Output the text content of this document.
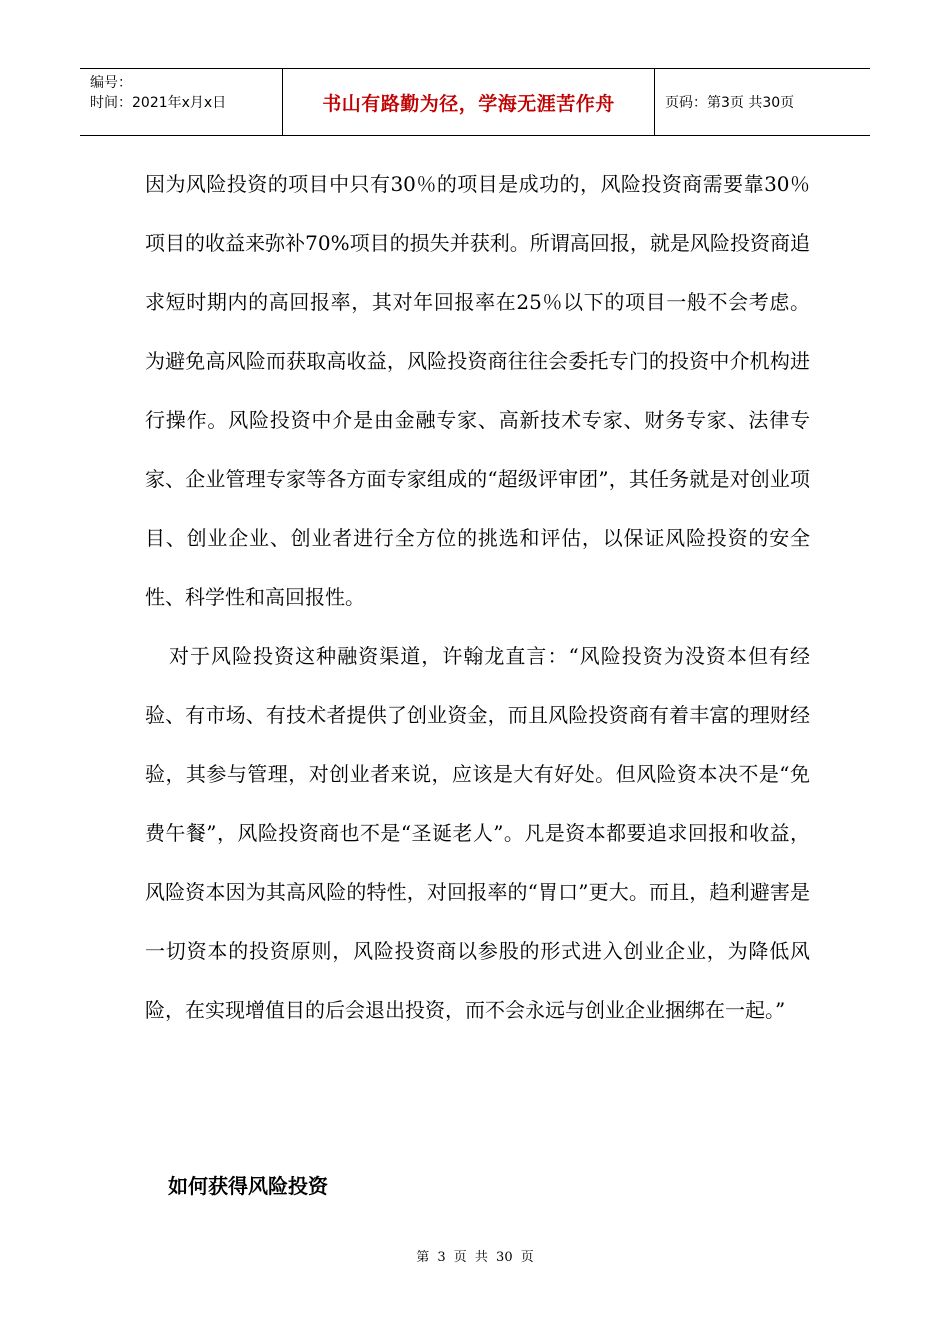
编号：
时间：2021年x月x日	书山有路勤为径，学海无涯苦作舟	页码：第3页 共30页

因为风险投资的项目中只有30％的项目是成功的，风险投资商需要靠30％项目的收益来弥补70%项目的损失并获利。所谓高回报，就是风险投资商追求短时期内的高回报率，其对年回报率在25％以下的项目一般不会考虑。为避免高风险而获取高收益，风险投资商往往会委托专门的投资中介机构进行操作。风险投资中介是由金融专家、高新技术专家、财务专家、法律专家、企业管理专家等各方面专家组成的“超级评审团”，其任务就是对创业项目、创业企业、创业者进行全方位的挑选和评估，以保证风险投资的安全性、科学性和高回报性。

对于风险投资这种融资渠道，许翰龙直言：“风险投资为没资本但有经验、有市场、有技术者提供了创业资金，而且风险投资商有着丰富的理财经验，其参与管理，对创业者来说，应该是大有好处。但风险资本决不是“免费午餐”，风险投资商也不是“圣诞老人”。凡是资本都要追求回报和收益，风险资本因为其高风险的特性，对回报率的“胃口”更大。而且，趋利避害是一切资本的投资原则，风险投资商以参股的形式进入创业企业，为降低风险，在实现增值目的后会退出投资，而不会永远与创业企业捆绑在一起。”

如何获得风险投资
第 3 页 共 30 页
